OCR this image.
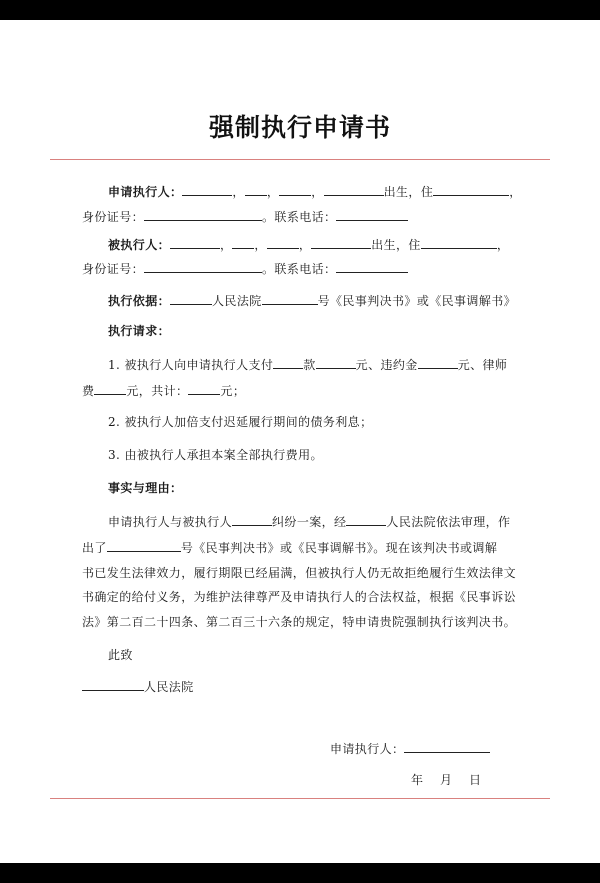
强制执行申请书
申请执行人：	， ，	，	出生，住	，
身份证号：	。联系电话：
被执行人：	， ，	，	出生，住	，
身份证号：	。联系电话：
执行依据：	人民法院	号《民事判决书》或《民事调解书》
执行请求：
1. 被执行人向申请执行人支付	款	元、违约金	元、律师
费	元，共计：	元；
2. 被执行人加倍支付迟延履行期间的债务利息；
3. 由被执行人承担本案全部执行费用。
事实与理由：
申请执行人与被执行人	纠纷一案，经	人民法院依法审理，作
出了	号《民事判决书》或《民事调解书》。现在该判决书或调解
书已发生法律效力，履行期限已经届满，但被执行人仍无故拒绝履行生效法律文
书确定的给付义务，为维护法律尊严及申请执行人的合法权益，根据《民事诉讼
法》第二百二十四条、第二百三十六条的规定，特申请贵院强制执行该判决书。
此致
人民法院
申请执行人：
年　 月　 日
